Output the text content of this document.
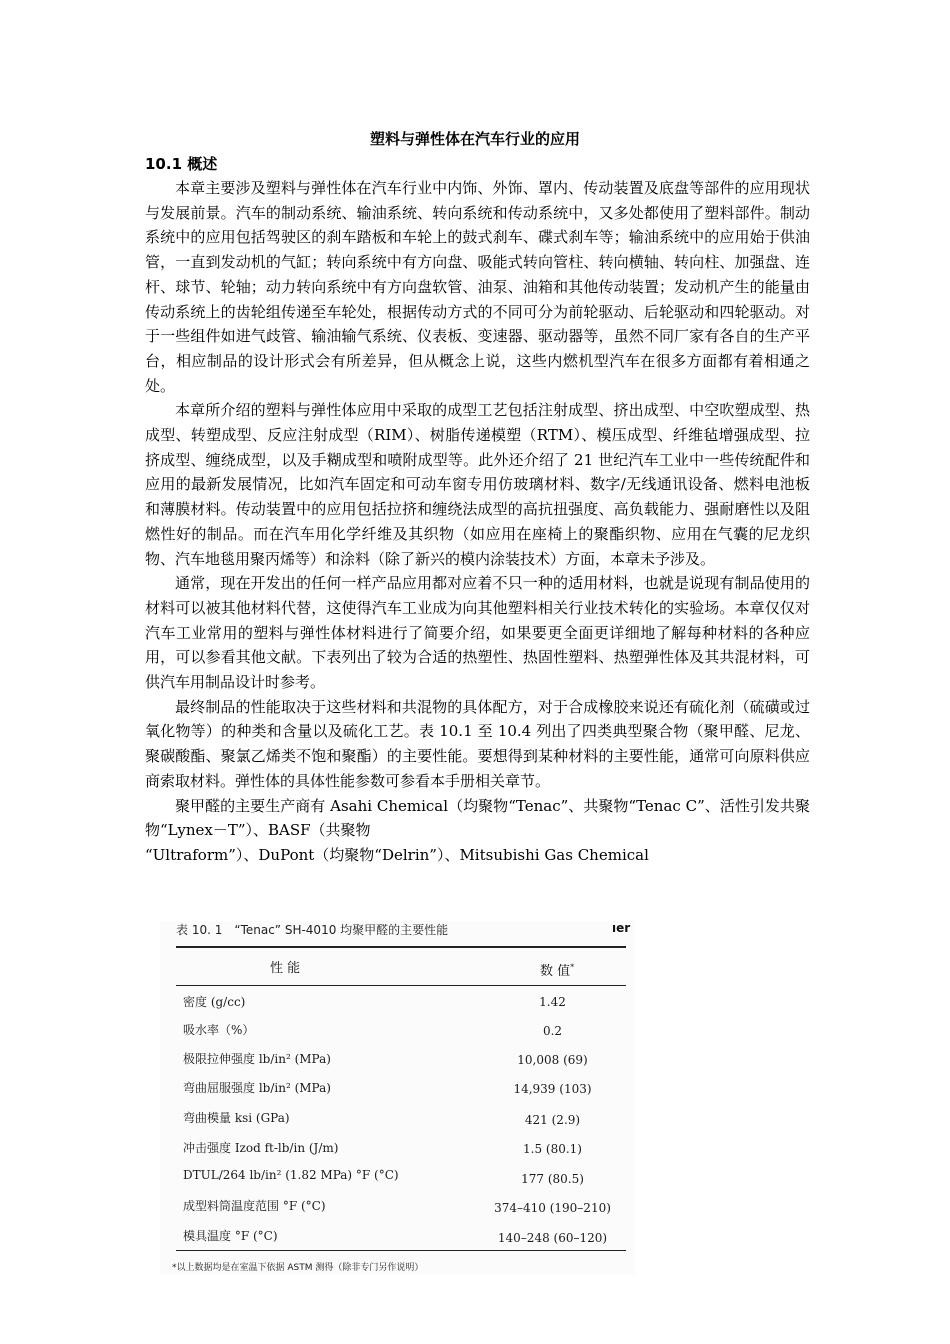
塑料与弹性体在汽车行业的应用
10.1 概述

本章主要涉及塑料与弹性体在汽车行业中内饰、外饰、罩内、传动装置及底盘等部件的应用现状与发展前景。汽车的制动系统、输油系统、转向系统和传动系统中，又多处都使用了塑料部件。制动系统中的应用包括驾驶区的刹车踏板和车轮上的鼓式刹车、碟式刹车等；输油系统中的应用始于供油管，一直到发动机的气缸；转向系统中有方向盘、吸能式转向管柱、转向横轴、转向柱、加强盘、连杆、球节、轮轴；动力转向系统中有方向盘软管、油泵、油箱和其他传动装置；发动机产生的能量由传动系统上的齿轮组传递至车轮处，根据传动方式的不同可分为前轮驱动、后轮驱动和四轮驱动。对于一些组件如进气歧管、输油输气系统、仪表板、变速器、驱动器等，虽然不同厂家有各自的生产平台，相应制品的设计形式会有所差异，但从概念上说，这些内燃机型汽车在很多方面都有着相通之处。

本章所介绍的塑料与弹性体应用中采取的成型工艺包括注射成型、挤出成型、中空吹塑成型、热成型、转塑成型、反应注射成型（RIM）、树脂传递模塑（RTM）、模压成型、纤维毡增强成型、拉挤成型、缠绕成型，以及手糊成型和喷附成型等。此外还介绍了 21 世纪汽车工业中一些传统配件和应用的最新发展情况，比如汽车固定和可动车窗专用仿玻璃材料、数字/无线通讯设备、燃料电池板和薄膜材料。传动装置中的应用包括拉挤和缠绕法成型的高抗扭强度、高负载能力、强耐磨性以及阻燃性好的制品。而在汽车用化学纤维及其织物（如应用在座椅上的聚酯织物、应用在气囊的尼龙织物、汽车地毯用聚丙烯等）和涂料（除了新兴的模内涂装技术）方面，本章未予涉及。

通常，现在开发出的任何一样产品应用都对应着不只一种的适用材料，也就是说现有制品使用的材料可以被其他材料代替，这使得汽车工业成为向其他塑料相关行业技术转化的实验场。本章仅仅对汽车工业常用的塑料与弹性体材料进行了简要介绍，如果要更全面更详细地了解每种材料的各种应用，可以参看其他文献。下表列出了较为合适的热塑性、热固性塑料、热塑弹性体及其共混材料，可供汽车用制品设计时参考。

最终制品的性能取决于这些材料和共混物的具体配方，对于合成橡胶来说还有硫化剂（硫磺或过氧化物等）的种类和含量以及硫化工艺。表 10.1 至 10.4 列出了四类典型聚合物（聚甲醛、尼龙、聚碳酸酯、聚氯乙烯类不饱和聚酯）的主要性能。要想得到某种材料的主要性能，通常可向原料供应商索取材料。弹性体的具体性能参数可参看本手册相关章节。

聚甲醛的主要生产商有 Asahi Chemical（均聚物“Tenac”、共聚物“Tenac C”、活性引发共聚物“Lynex－T”）、BASF（共聚物

“Ultraform”）、DuPont（均聚物“Delrin”）、Mitsubishi Gas Chemical

表 10. 1　“Tenac” SH-4010 均聚甲醛的主要性能	ıer
性 能	数 值*
密度 (g/cc)	1.42
吸水率（%）	0.2
极限拉伸强度 lb/in² (MPa)	10,008 (69)
弯曲屈服强度 lb/in² (MPa)	14,939 (103)
弯曲模量 ksi (GPa)	421 (2.9)
冲击强度 Izod ft-lb/in (J/m)	1.5 (80.1)
DTUL/264 lb/in² (1.82 MPa) °F (°C)	177 (80.5)
成型料筒温度范围 °F (°C)	374–410 (190–210)
模具温度 °F (°C)	140–248 (60–120)
*以上数据均是在室温下依据 ASTM 测得（除非专门另作说明）
